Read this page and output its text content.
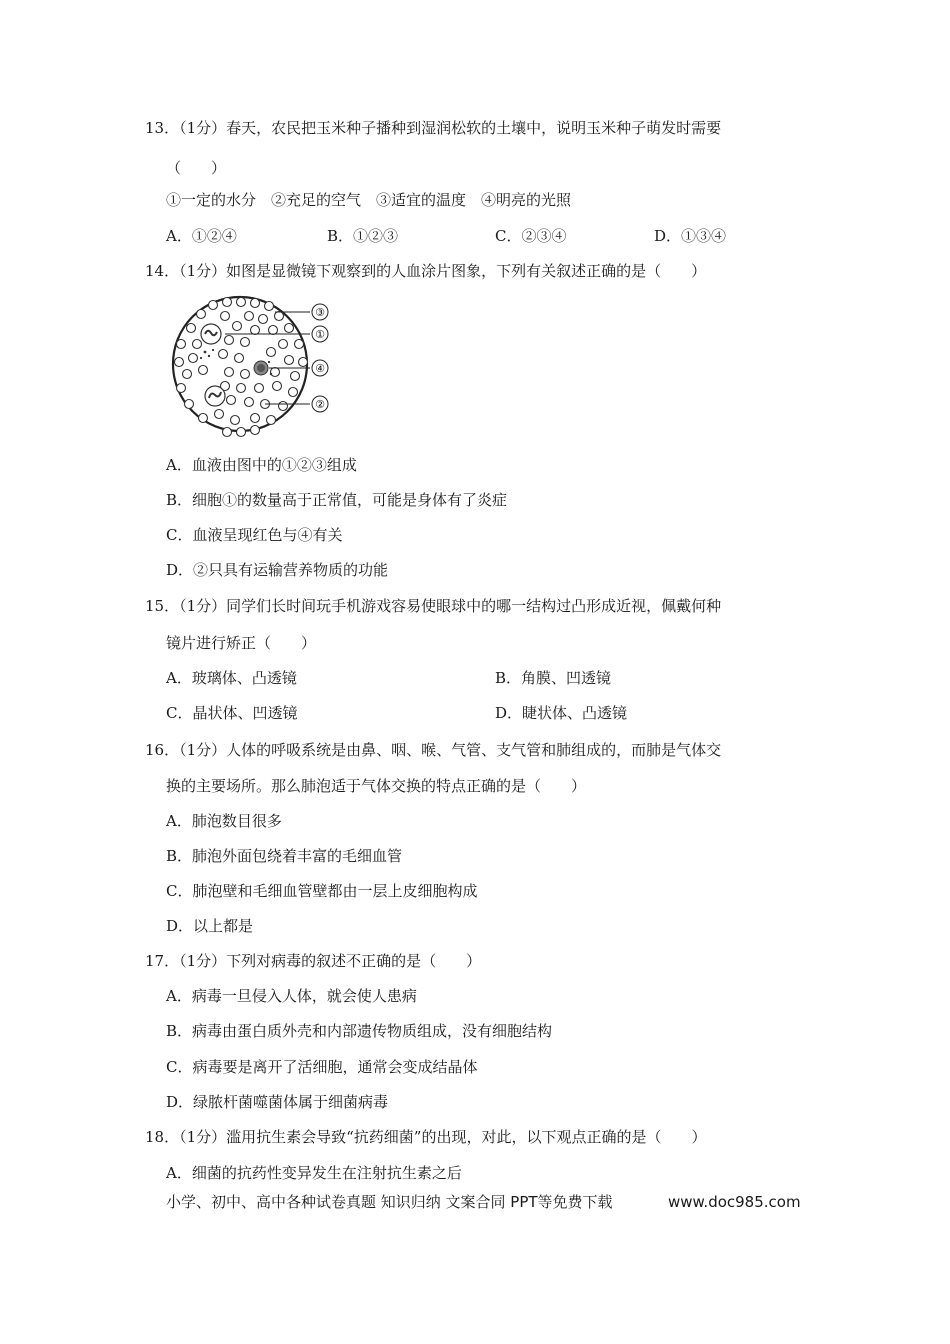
13．（1分）春天，农民把玉米种子播种到湿润松软的土壤中，说明玉米种子萌发时需要
（　　）
①一定的水分　②充足的空气　③适宜的温度　④明亮的光照
A．①②④	B．①②③	C．②③④	D．①③④
14．（1分）如图是显微镜下观察到的人血涂片图象，下列有关叙述正确的是（　　）
③
①
④
②
A．血液由图中的①②③组成
B．细胞①的数量高于正常值，可能是身体有了炎症
C．血液呈现红色与④有关
D．②只具有运输营养物质的功能
15．（1分）同学们长时间玩手机游戏容易使眼球中的哪一结构过凸形成近视，佩戴何种
镜片进行矫正（　　）
A．玻璃体、凸透镜	B．角膜、凹透镜
C．晶状体、凹透镜	D．睫状体、凸透镜
16．（1分）人体的呼吸系统是由鼻、咽、喉、气管、支气管和肺组成的，而肺是气体交
换的主要场所。那么肺泡适于气体交换的特点正确的是（　　）
A．肺泡数目很多
B．肺泡外面包绕着丰富的毛细血管
C．肺泡壁和毛细血管壁都由一层上皮细胞构成
D．以上都是
17．（1分）下列对病毒的叙述不正确的是（　　）
A．病毒一旦侵入人体，就会使人患病
B．病毒由蛋白质外壳和内部遗传物质组成，没有细胞结构
C．病毒要是离开了活细胞，通常会变成结晶体
D．绿脓杆菌噬菌体属于细菌病毒
18．（1分）滥用抗生素会导致“抗药细菌”的出现，对此，以下观点正确的是（　　）
A．细菌的抗药性变异发生在注射抗生素之后
小学、初中、高中各种试卷真题 知识归纳 文案合同 PPT等免费下载	www.doc985.com
